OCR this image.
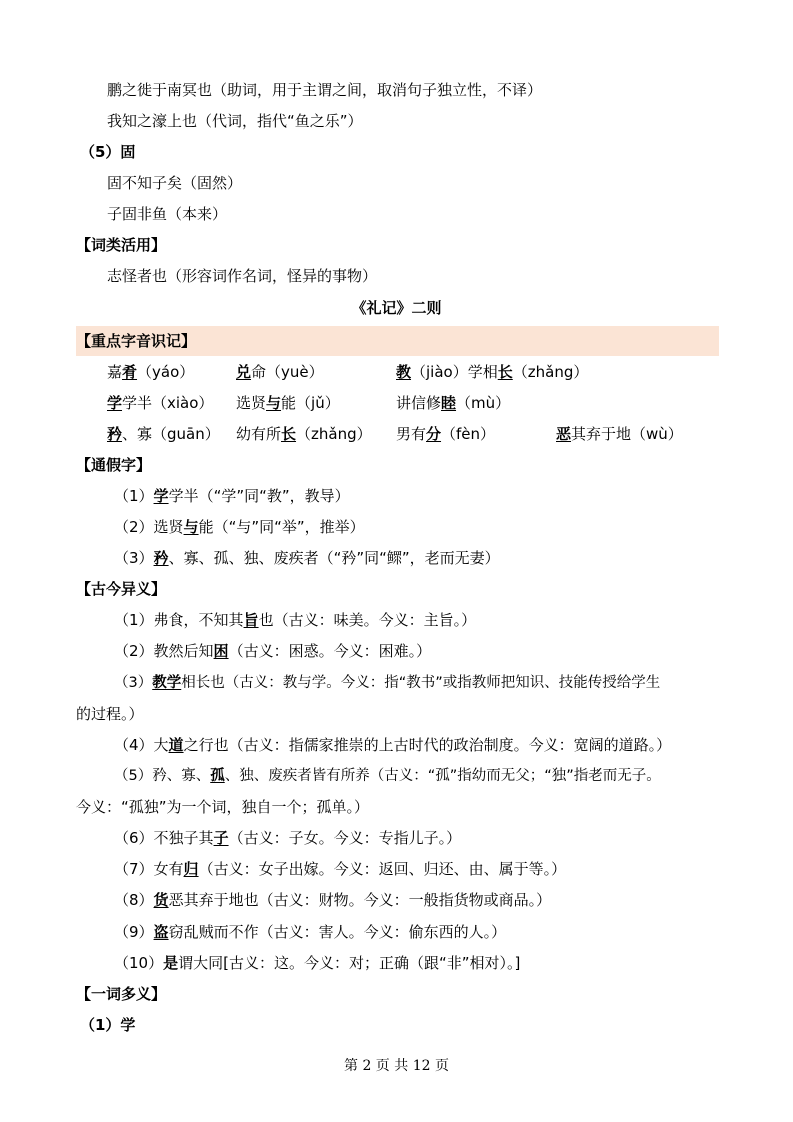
鹏之徙于南冥也（助词，用于主谓之间，取消句子独立性，不译）
我知之濠上也（代词，指代“鱼之乐”）
（5）固
固不知子矣（固然）
子固非鱼（本来）
【词类活用】
志怪者也（形容词作名词，怪异的事物）
《礼记》二则
【重点字音识记】
嘉肴（yáo）	兑命（yuè）	教（jiào）学相长（zhǎng）
学学半（xiào） 选贤与能（jǔ）	讲信修睦（mù）
矜、寡（guān） 幼有所长（zhǎng） 男有分（fèn）	恶其弃于地（wù）
【通假字】
（1）学学半（“学”同“教”，教导）
（2）选贤与能（“与”同“举”，推举）
（3）矜、寡、孤、独、废疾者（“矜”同“鳏”，老而无妻）
【古今异义】
（1）弗食，不知其旨也（古义：味美。今义：主旨。）
（2）教然后知困（古义：困惑。今义：困难。）
（3）教学相长也（古义：教与学。今义：指“教书”或指教师把知识、技能传授给学生
的过程。）
（4）大道之行也（古义：指儒家推崇的上古时代的政治制度。今义：宽阔的道路。）
（5）矜、寡、孤、独、废疾者皆有所养（古义：“孤”指幼而无父；“独”指老而无子。
今义：“孤独”为一个词，独自一个；孤单。）
（6）不独子其子（古义：子女。今义：专指儿子。）
（7）女有归（古义：女子出嫁。今义：返回、归还、由、属于等。）
（8）货恶其弃于地也（古义：财物。今义：一般指货物或商品。）
（9）盗窃乱贼而不作（古义：害人。今义：偷东西的人。）
（10）是谓大同[古义：这。今义：对；正确（跟“非”相对）。]
【一词多义】
（1）学
第 2 页 共 12 页
